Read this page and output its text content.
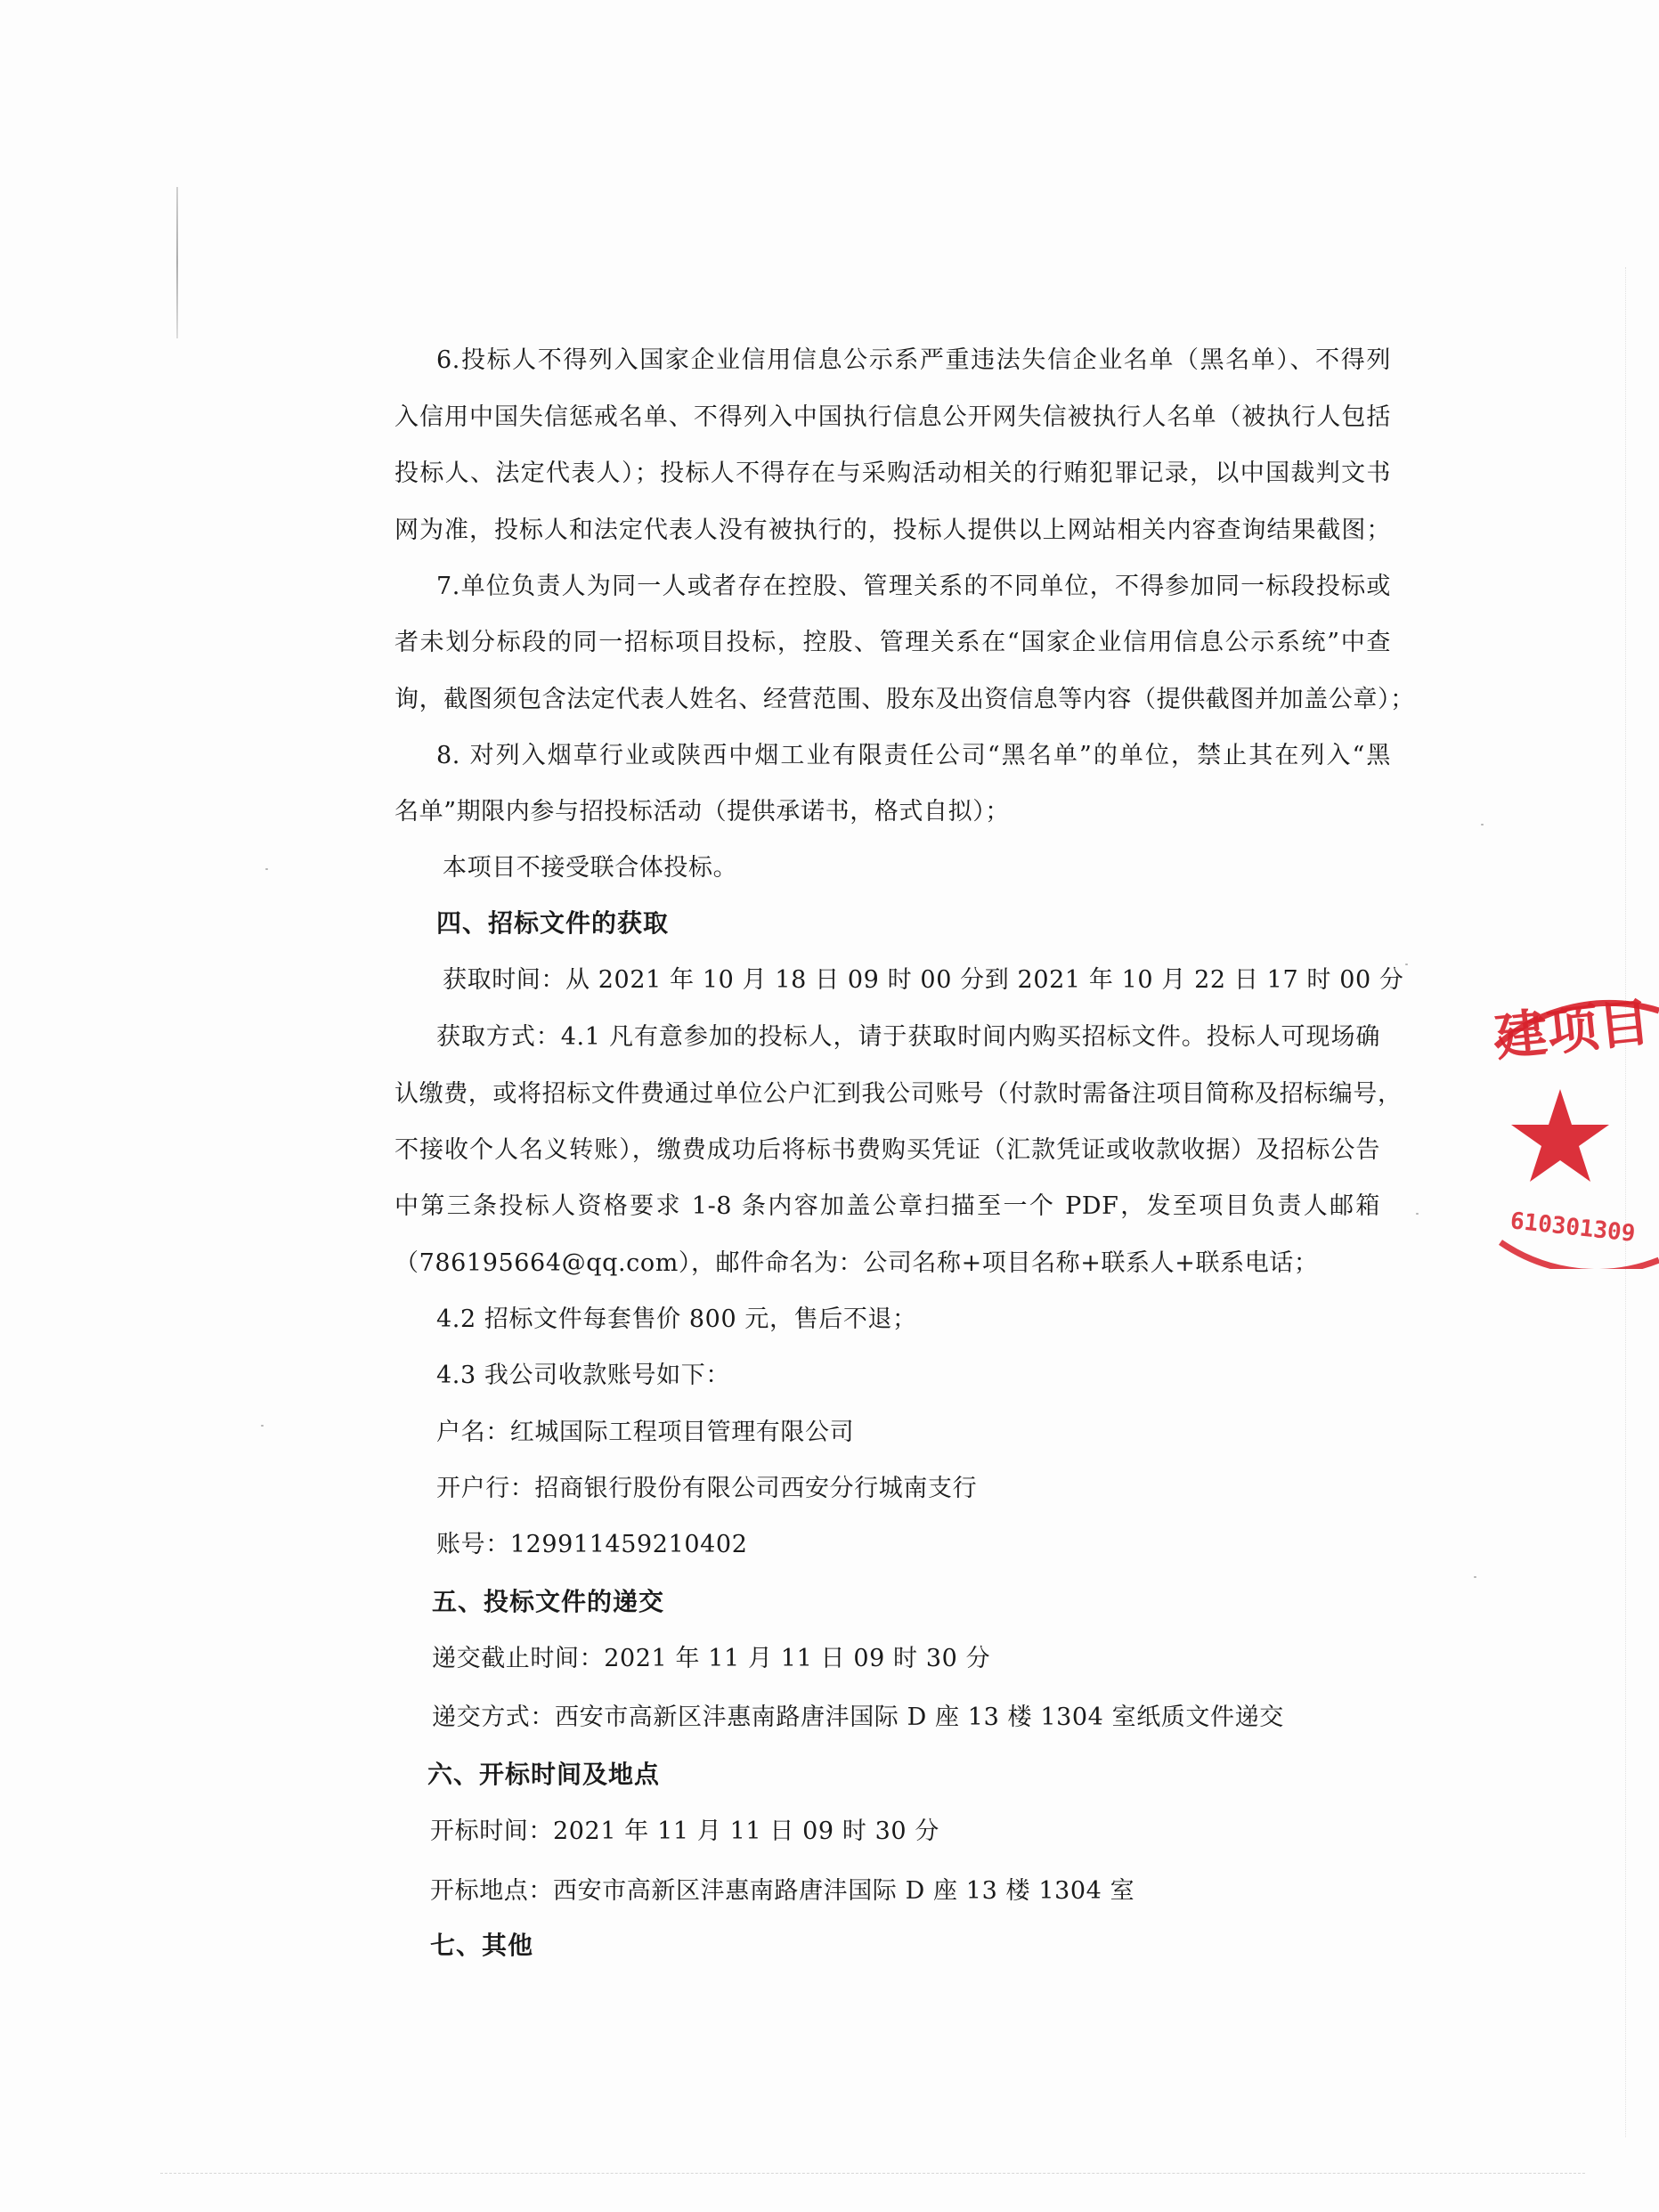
6.投标人不得列入国家企业信用信息公示系严重违法失信企业名单（黑名单）、不得列
入信用中国失信惩戒名单、不得列入中国执行信息公开网失信被执行人名单（被执行人包括
投标人、法定代表人）；投标人不得存在与采购活动相关的行贿犯罪记录，以中国裁判文书
网为准，投标人和法定代表人没有被执行的，投标人提供以上网站相关内容查询结果截图；
7.单位负责人为同一人或者存在控股、管理关系的不同单位，不得参加同一标段投标或
者未划分标段的同一招标项目投标，控股、管理关系在“国家企业信用信息公示系统”中查
询，截图须包含法定代表人姓名、经营范围、股东及出资信息等内容（提供截图并加盖公章）；
8. 对列入烟草行业或陕西中烟工业有限责任公司“黑名单”的单位，禁止其在列入“黑
名单”期限内参与招投标活动（提供承诺书，格式自拟）；
本项目不接受联合体投标。
四、招标文件的获取
获取时间：从 2021 年 10 月 18 日 09 时 00 分到 2021 年 10 月 22 日 17 时 00 分
获取方式：4.1 凡有意参加的投标人，请于获取时间内购买招标文件。投标人可现场确
认缴费，或将招标文件费通过单位公户汇到我公司账号（付款时需备注项目简称及招标编号，
不接收个人名义转账），缴费成功后将标书费购买凭证（汇款凭证或收款收据）及招标公告
中第三条投标人资格要求 1-8 条内容加盖公章扫描至一个 PDF，发至项目负责人邮箱
（786195664@qq.com），邮件命名为：公司名称+项目名称+联系人+联系电话；
4.2 招标文件每套售价 800 元，售后不退；
4.3 我公司收款账号如下：
户名：红城国际工程项目管理有限公司
开户行：招商银行股份有限公司西安分行城南支行
账号：129911459210402
五、投标文件的递交
递交截止时间：2021 年 11 月 11 日 09 时 30 分
递交方式：西安市高新区沣惠南路唐沣国际 D 座 13 楼 1304 室纸质文件递交
六、开标时间及地点
开标时间：2021 年 11 月 11 日 09 时 30 分
开标地点：西安市高新区沣惠南路唐沣国际 D 座 13 楼 1304 室
七、其他
建项目
610301309
